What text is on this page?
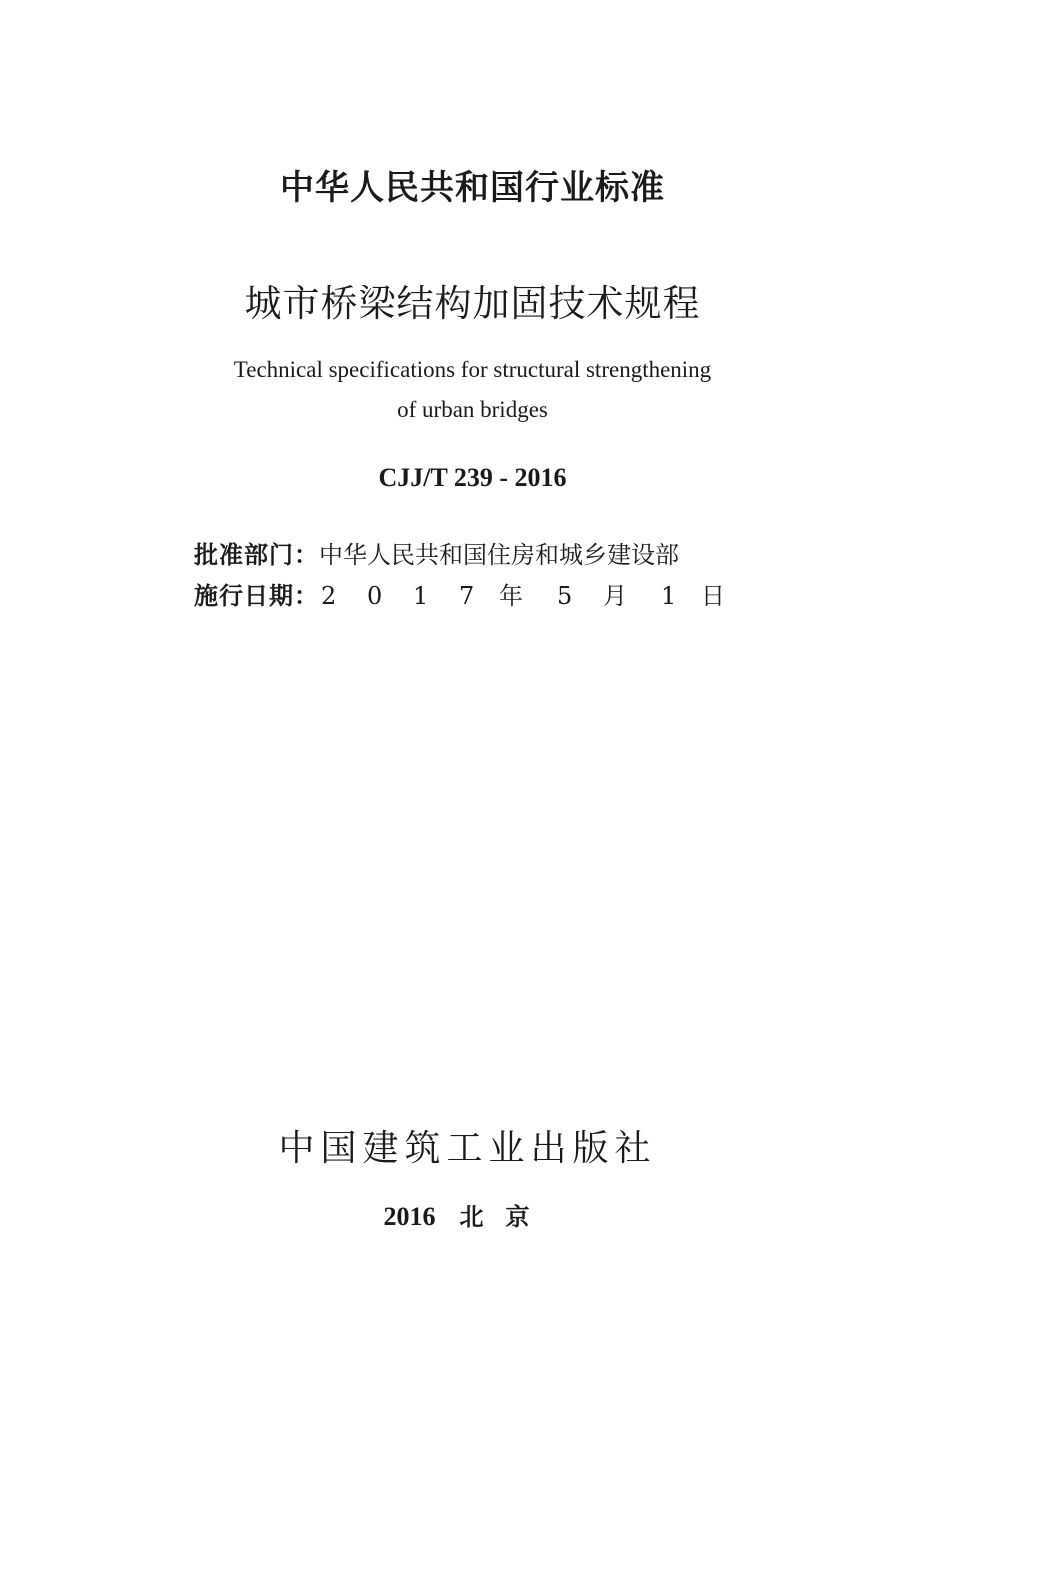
中华人民共和国行业标准
城市桥梁结构加固技术规程
Technical specifications for structural strengthening
of urban bridges
CJJ/T 239 - 2016
批准部门： 中华人民共和国住房和城乡建设部
施行日期： 2 0 1 7 年 5 月 1 日
中国建筑工业出版社
2016 北京
